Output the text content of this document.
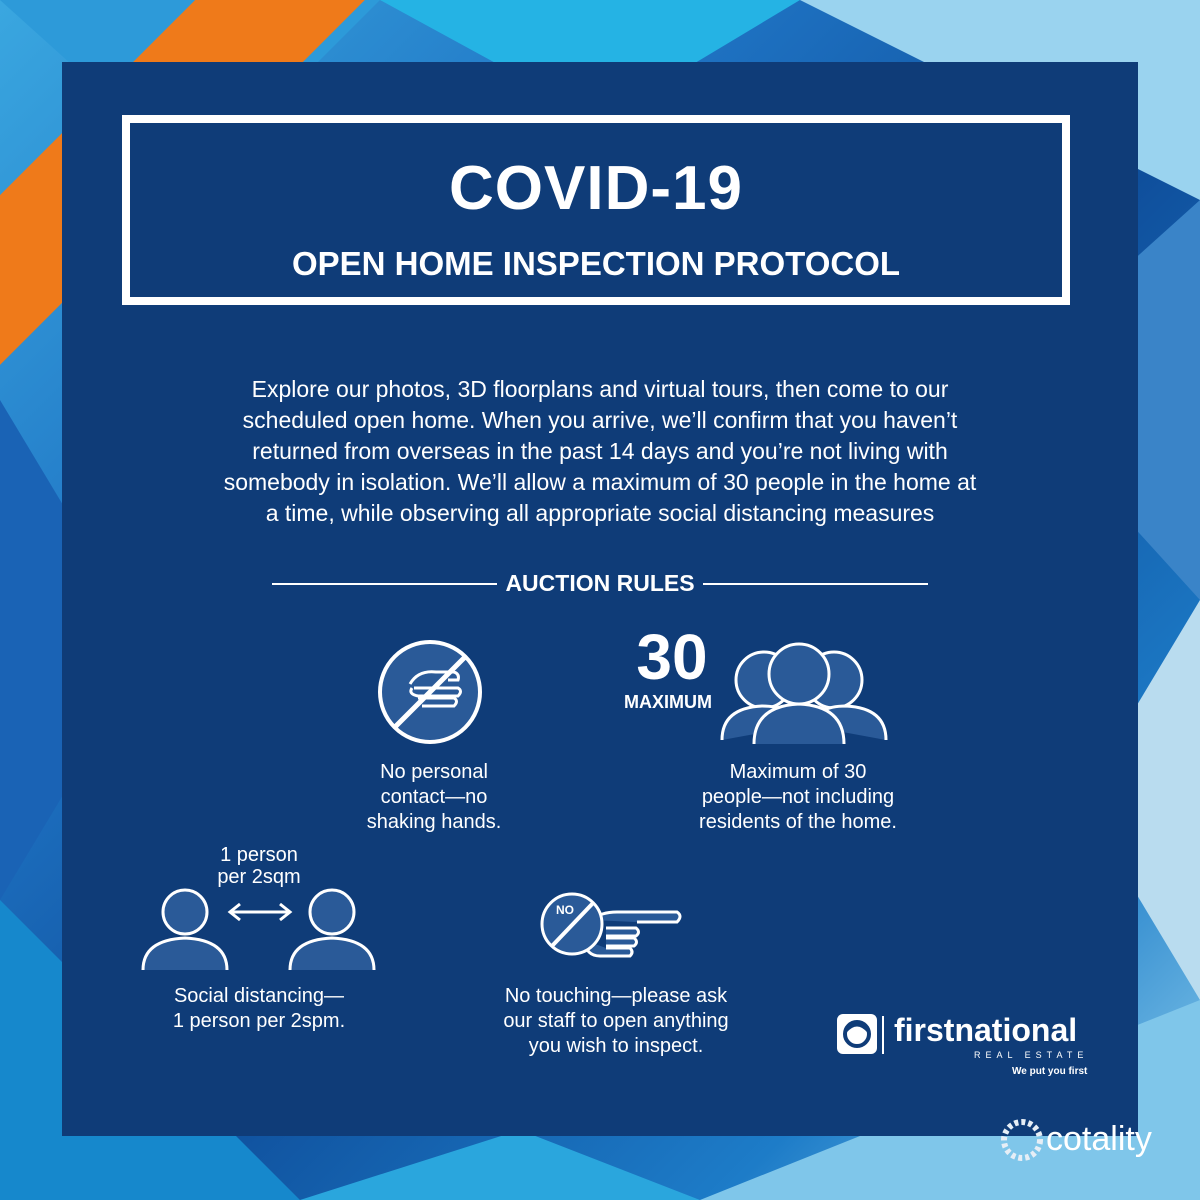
COVID-19
OPEN HOME INSPECTION PROTOCOL
Explore our photos, 3D floorplans and virtual tours, then come to our
scheduled open home. When you arrive, we’ll confirm that you haven’t
returned from overseas in the past 14 days and you’re not living with
somebody in isolation. We’ll allow a maximum of 30 people in the home at
a time, while observing all appropriate social distancing measures
AUCTION RULES
No personal
contact—no
shaking hands.
30
MAXIMUM
Maximum of 30
people—not including
residents of the home.
1 person
per 2sqm
Social distancing—
1 person per 2spm.
NO
No touching—please ask
our staff to open anything
you wish to inspect.	firstnational
REAL ESTATE
We put you first
cotality
